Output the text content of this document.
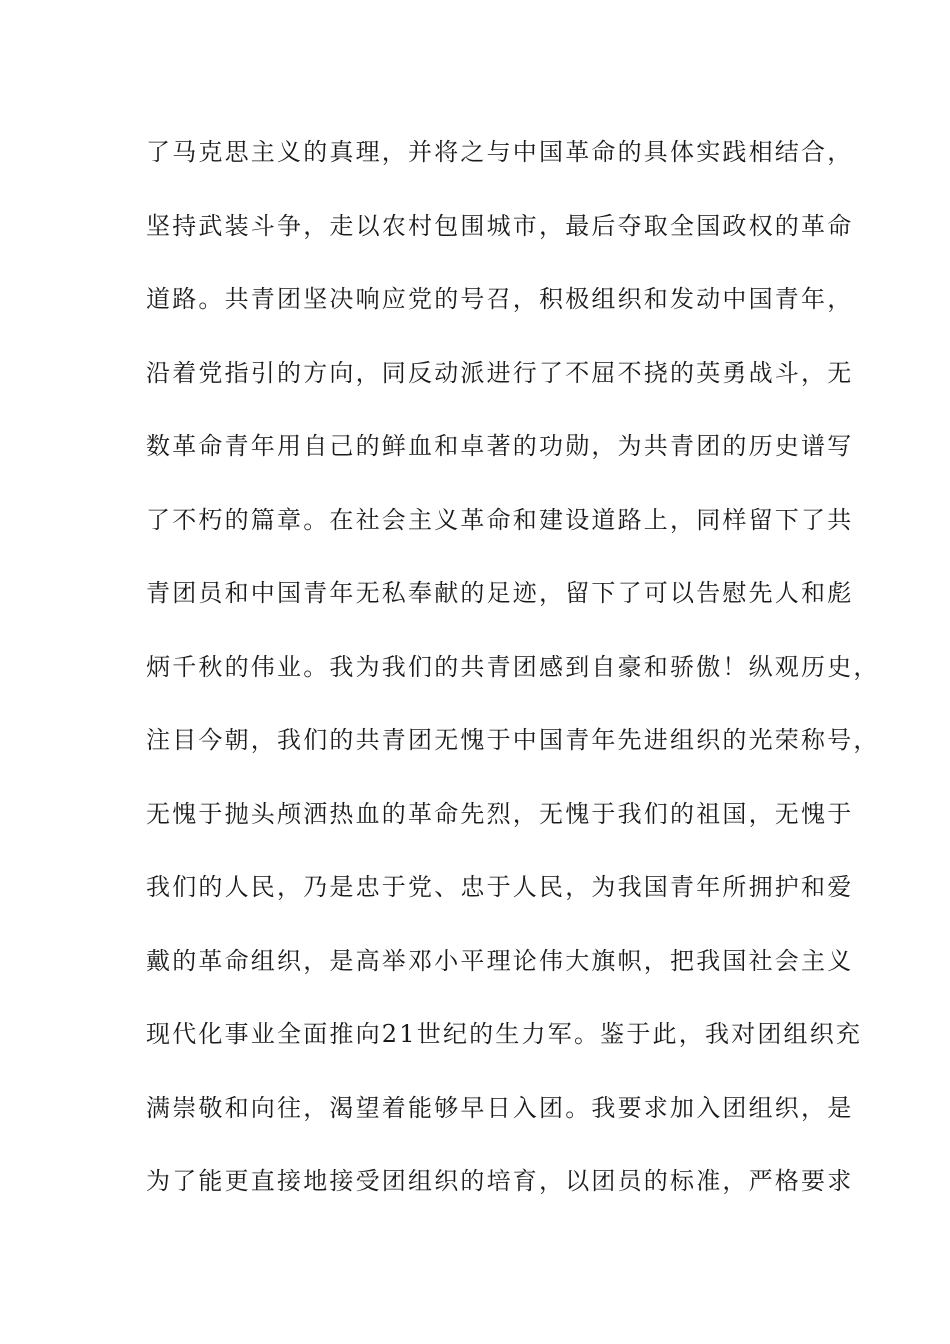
了马克思主义的真理，并将之与中国革命的具体实践相结合，
坚持武装斗争，走以农村包围城市，最后夺取全国政权的革命
道路。共青团坚决响应党的号召，积极组织和发动中国青年，
沿着党指引的方向，同反动派进行了不屈不挠的英勇战斗，无
数革命青年用自己的鲜血和卓著的功勋，为共青团的历史谱写
了不朽的篇章。在社会主义革命和建设道路上，同样留下了共
青团员和中国青年无私奉献的足迹，留下了可以告慰先人和彪
炳千秋的伟业。我为我们的共青团感到自豪和骄傲！纵观历史，
注目今朝，我们的共青团无愧于中国青年先进组织的光荣称号，
无愧于抛头颅洒热血的革命先烈，无愧于我们的祖国，无愧于
我们的人民，乃是忠于党、忠于人民，为我国青年所拥护和爱
戴的革命组织，是高举邓小平理论伟大旗帜，把我国社会主义
现代化事业全面推向21世纪的生力军。鉴于此，我对团组织充
满崇敬和向往，渴望着能够早日入团。我要求加入团组织，是
为了能更直接地接受团组织的培育，以团员的标准，严格要求
